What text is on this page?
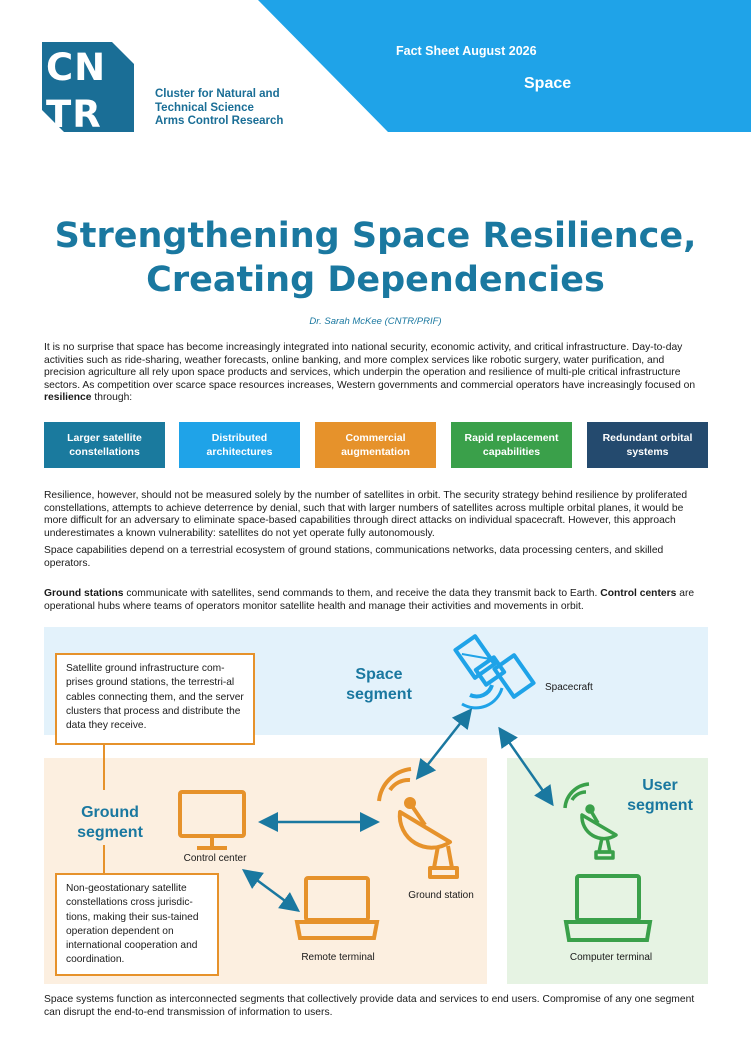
CN
TR	Cluster for Natural and
Technical Science
Arms Control Research
Fact Sheet August 2026
Space
Strengthening Space Resilience, Creating Dependencies
Dr. Sarah McKee (CNTR/PRIF)
It is no surprise that space has become increasingly integrated into national security, economic activity, and critical infrastructure. Day-to-day activities such as ride-sharing, weather forecasts, online banking, and more complex services like robotic surgery, water purification, and precision agriculture all rely upon space products and services, which underpin the operation and resilience of multi-ple critical infrastructure sectors. As competition over scarce space resources increases, Western governments and commercial operators have increasingly focused on resilience through:
Larger satellite constellations
Distributed architectures
Commercial augmentation
Rapid replacement capabilities
Redundant orbital systems
Resilience, however, should not be measured solely by the number of satellites in orbit. The security strategy behind resilience by proliferated constellations, attempts to achieve deterrence by denial, such that with larger numbers of satellites across multiple orbital planes, it would be more difficult for an adversary to eliminate space-based capabilities through direct attacks on individual spacecraft. However, this approach underestimates a known vulnerability: satellites do not yet operate fully autonomously.
Space capabilities depend on a terrestrial ecosystem of ground stations, communications networks, data processing centers, and skilled operators.
Ground stations communicate with satellites, send commands to them, and receive the data they transmit back to Earth. Control centers are operational hubs where teams of operators monitor satellite health and manage their activities and movements in orbit.
Space segment
Ground segment
User segment
Spacecraft
Control center
Ground station
Remote terminal	Computer terminal
Satellite ground infrastructure com-prises ground stations, the terrestri-al cables connecting them, and the server clusters that process and distribute the data they receive.
Non-geostationary satellite constellations cross jurisdic-tions, making their sus-tained operation dependent on international cooperation and coordination.
Space systems function as interconnected segments that collectively provide data and services to end users. Compromise of any one segment can disrupt the end-to-end transmission of information to users.
